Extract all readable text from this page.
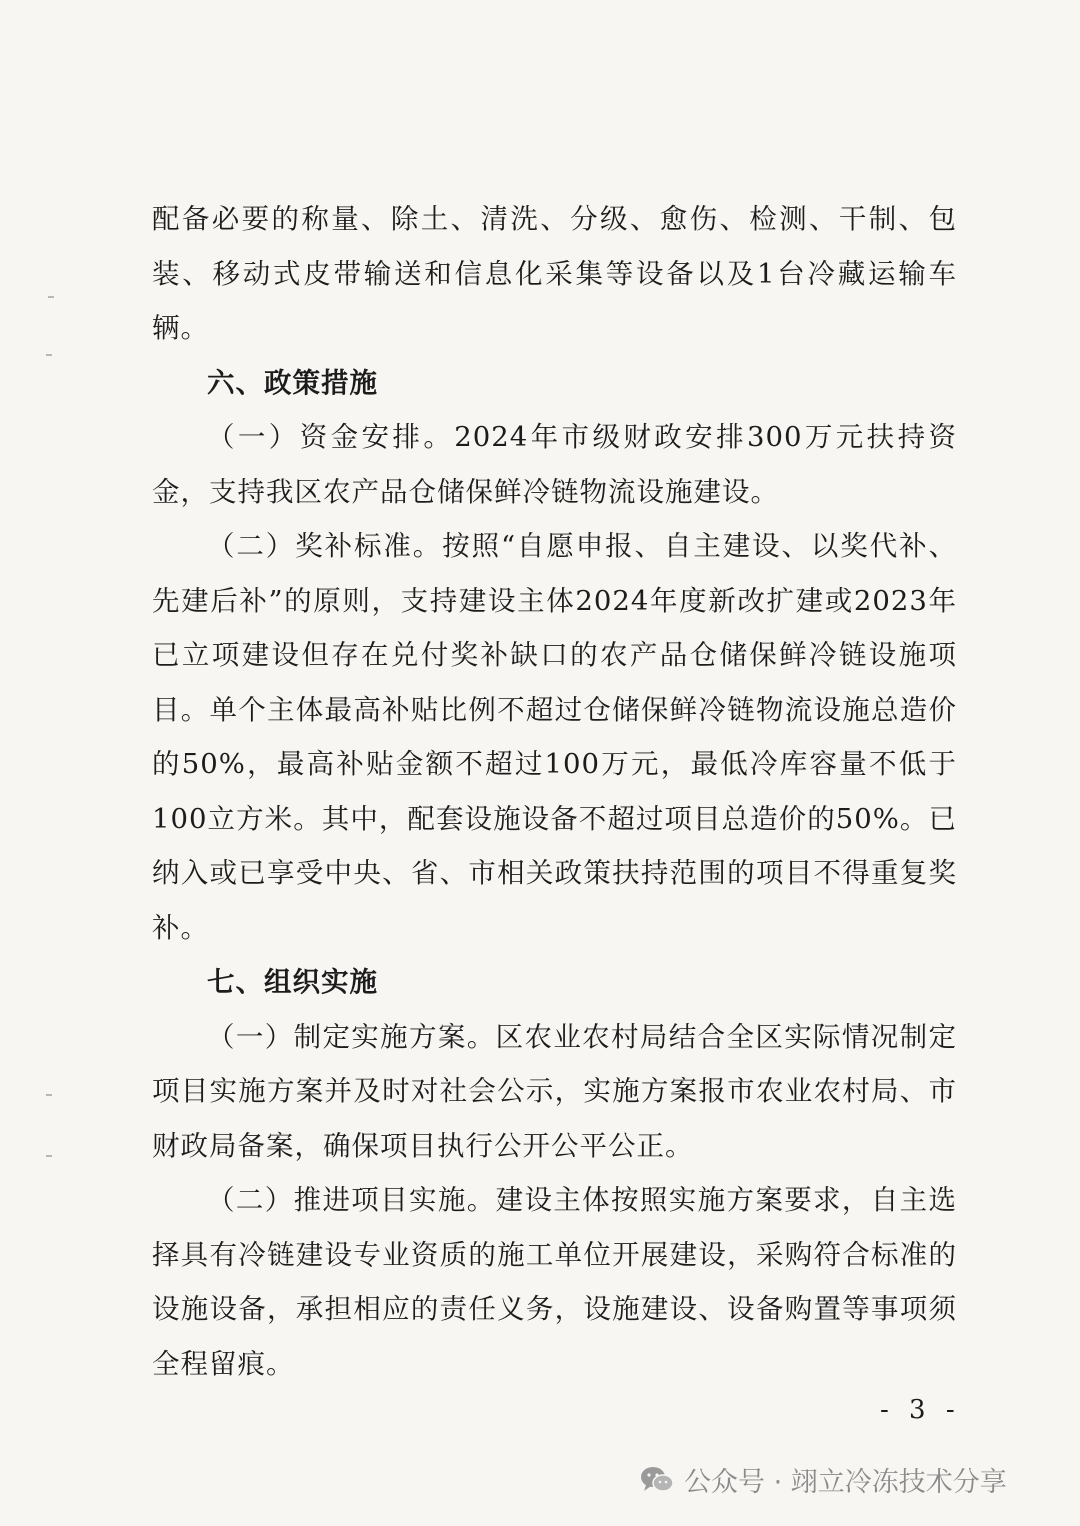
配备必要的称量、除土、清洗、分级、愈伤、检测、干制、包装、移动式皮带输送和信息化采集等设备以及1台冷藏运输车辆。

六、政策措施

（一）资金安排。2024年市级财政安排300万元扶持资金，支持我区农产品仓储保鲜冷链物流设施建设。

（二）奖补标准。按照“自愿申报、自主建设、以奖代补、先建后补”的原则，支持建设主体2024年度新改扩建或2023年已立项建设但存在兑付奖补缺口的农产品仓储保鲜冷链设施项目。单个主体最高补贴比例不超过仓储保鲜冷链物流设施总造价的50%，最高补贴金额不超过100万元，最低冷库容量不低于100立方米。其中，配套设施设备不超过项目总造价的50%。已纳入或已享受中央、省、市相关政策扶持范围的项目不得重复奖补。

七、组织实施

（一）制定实施方案。区农业农村局结合全区实际情况制定项目实施方案并及时对社会公示，实施方案报市农业农村局、市财政局备案，确保项目执行公开公平公正。

（二）推进项目实施。建设主体按照实施方案要求，自主选择具有冷链建设专业资质的施工单位开展建设，采购符合标准的设施设备，承担相应的责任义务，设施建设、设备购置等事项须全程留痕。

- 3 -
公众号 · 翊立冷冻技术分享
